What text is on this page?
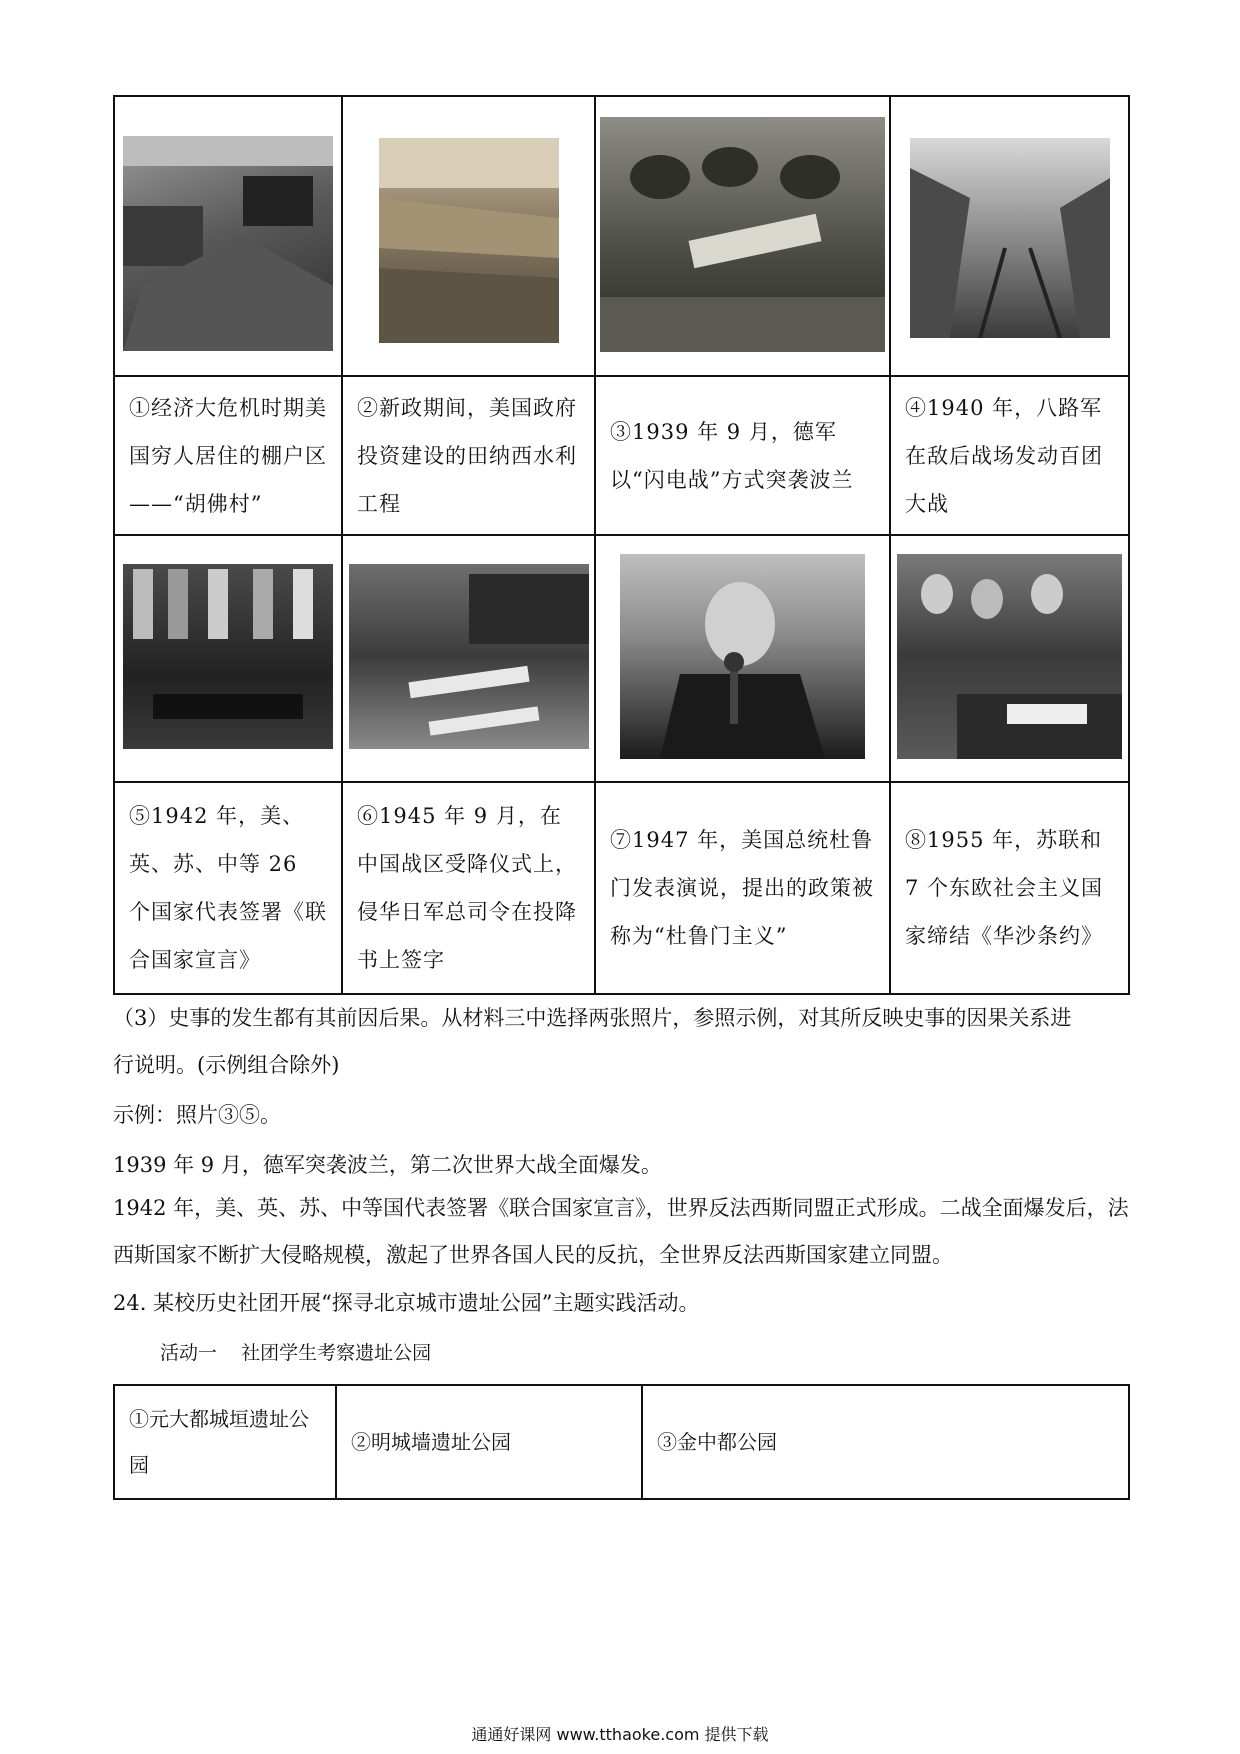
①经济大危机时期美国穷人居住的棚户区——“胡佛村”	②新政期间，美国政府投资建设的田纳西水利工程	③1939 年 9 月，德军以“闪电战”方式突袭波兰	④1940 年，八路军在敌后战场发动百团大战

⑤1942 年，美、英、苏、中等 26 个国家代表签署《联合国家宣言》	⑥1945 年 9 月，在中国战区受降仪式上，侵华日军总司令在投降书上签字	⑦1947 年，美国总统杜鲁门发表演说，提出的政策被称为“杜鲁门主义”	⑧1955 年，苏联和 7 个东欧社会主义国家缔结《华沙条约》
（3）史事的发生都有其前因后果。从材料三中选择两张照片，参照示例，对其所反映史事的因果关系进
行说明。(示例组合除外)
示例：照片③⑤。
1939 年 9 月，德军突袭波兰，第二次世界大战全面爆发。
1942 年，美、英、苏、中等国代表签署《联合国家宣言》，世界反法西斯同盟正式形成。二战全面爆发后，法西斯国家不断扩大侵略规模，激起了世界各国人民的反抗，全世界反法西斯国家建立同盟。
24. 某校历史社团开展“探寻北京城市遗址公园”主题实践活动。
活动一    社团学生考察遗址公园
①元大都城垣遗址公园	②明城墙遗址公园	③金中都公园
通通好课网 www.tthaoke.com 提供下载
